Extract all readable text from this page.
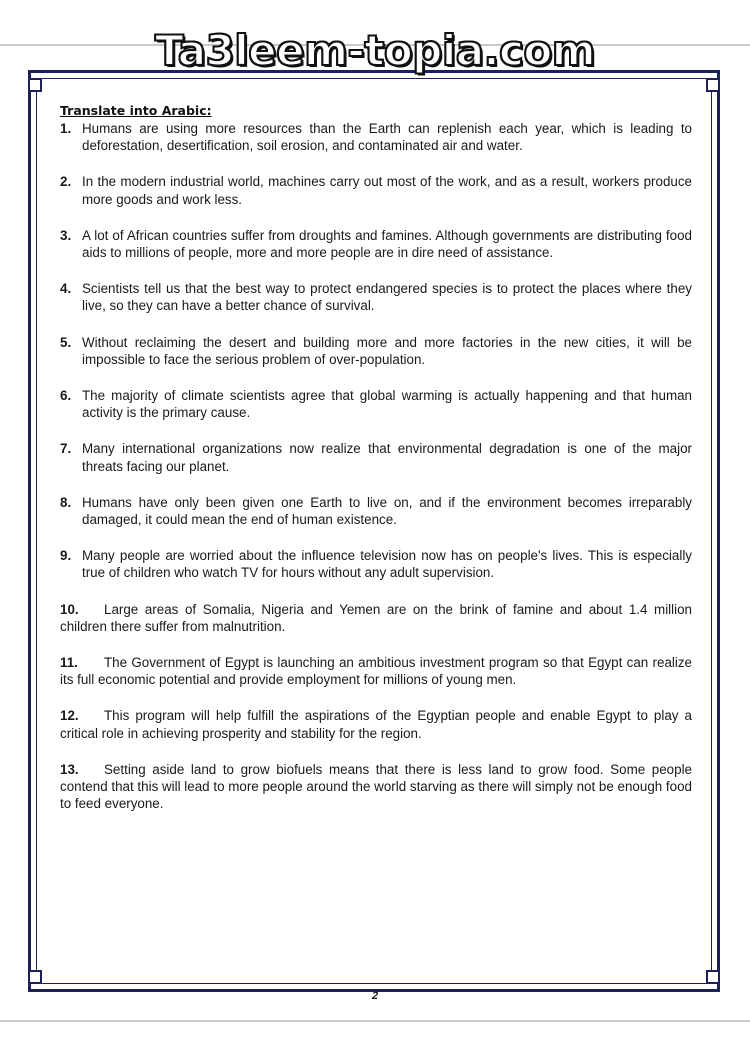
Ta3leem-topia.com
Translate into Arabic:
1. Humans are using more resources than the Earth can replenish each year, which is leading to deforestation, desertification, soil erosion, and contaminated air and water.
2. In the modern industrial world, machines carry out most of the work, and as a result, workers produce more goods and work less.
3. A lot of African countries suffer from droughts and famines. Although governments are distributing food aids to millions of people, more and more people are in dire need of assistance.
4. Scientists tell us that the best way to protect endangered species is to protect the places where they live, so they can have a better chance of survival.
5. Without reclaiming the desert and building more and more factories in the new cities, it will be impossible to face the serious problem of over-population.
6. The majority of climate scientists agree that global warming is actually happening and that human activity is the primary cause.
7. Many international organizations now realize that environmental degradation is one of the major threats facing our planet.
8. Humans have only been given one Earth to live on, and if the environment becomes irreparably damaged, it could mean the end of human existence.
9. Many people are worried about the influence television now has on people's lives. This is especially true of children who watch TV for hours without any adult supervision.
10. Large areas of Somalia, Nigeria and Yemen are on the brink of famine and about 1.4 million children there suffer from malnutrition.
11. The Government of Egypt is launching an ambitious investment program so that Egypt can realize its full economic potential and provide employment for millions of young men.
12. This program will help fulfill the aspirations of the Egyptian people and enable Egypt to play a critical role in achieving prosperity and stability for the region.
13. Setting aside land to grow biofuels means that there is less land to grow food. Some people contend that this will lead to more people around the world starving as there will simply not be enough food to feed everyone.
2
